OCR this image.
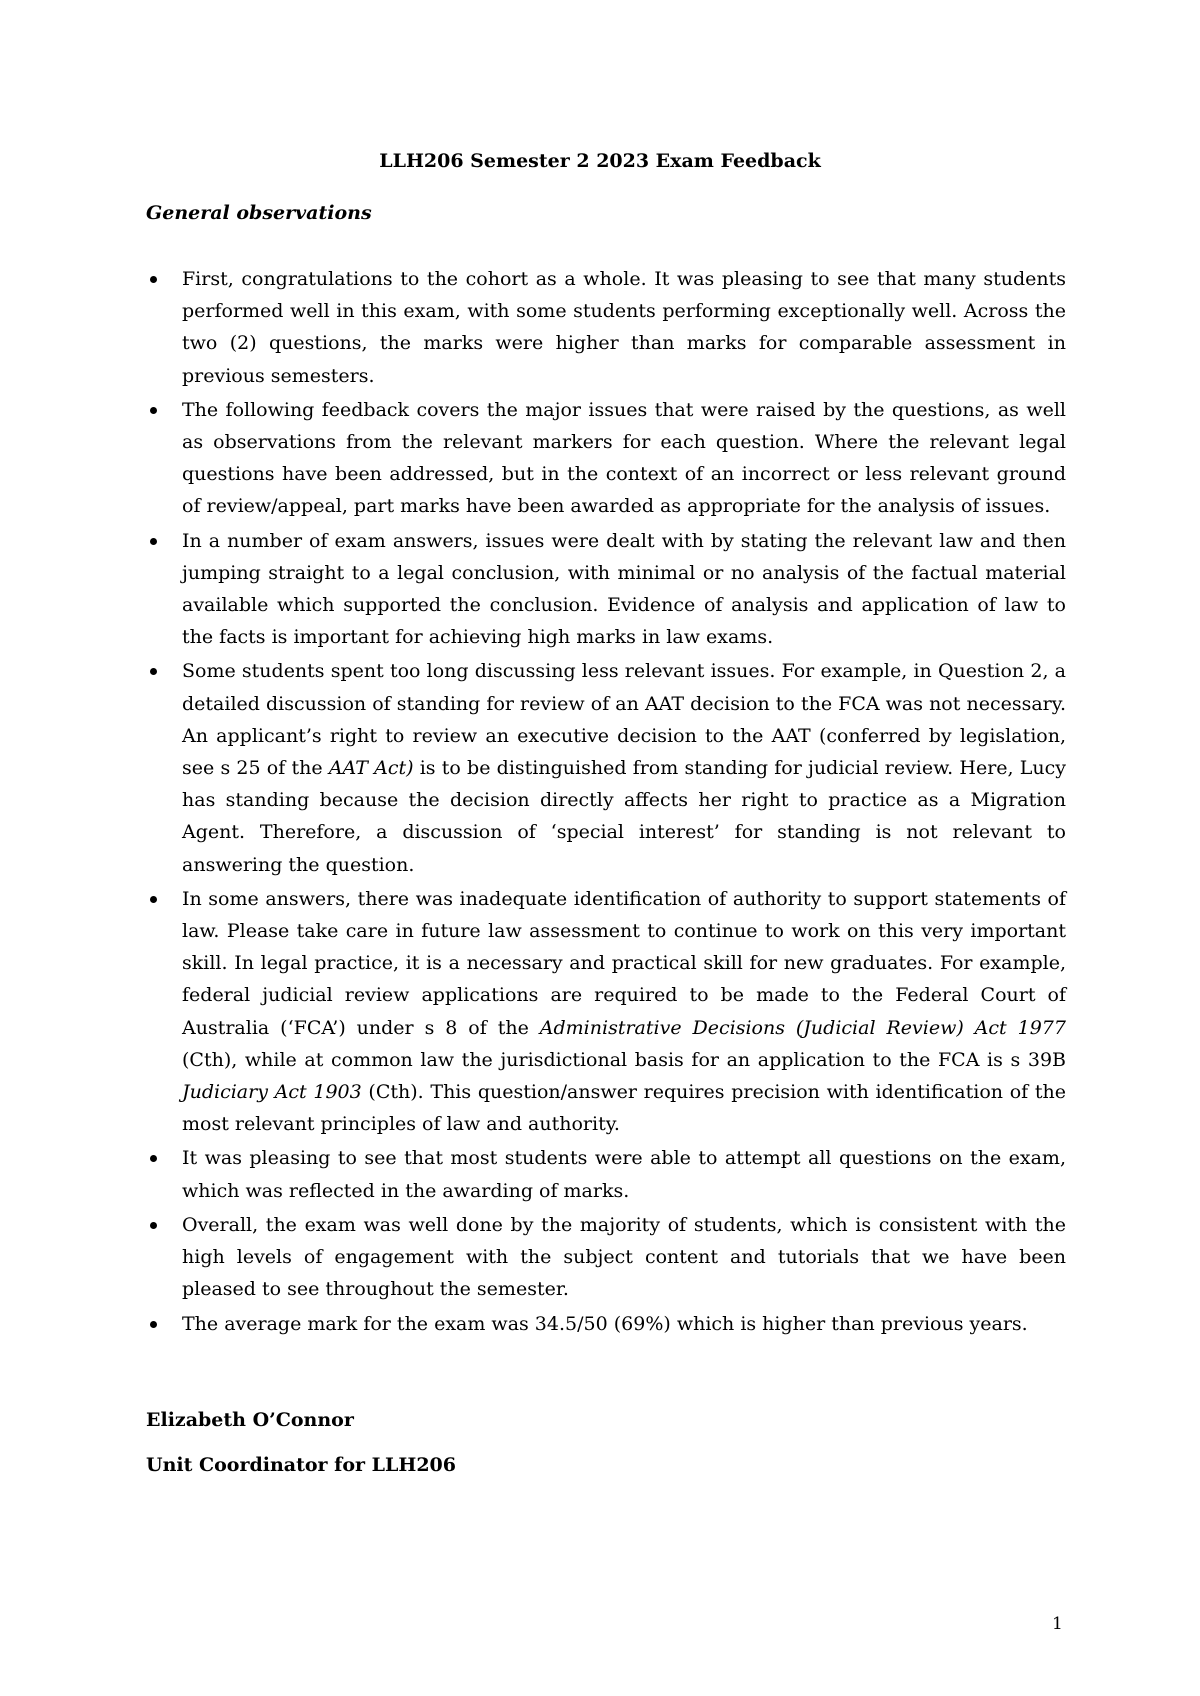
LLH206 Semester 2 2023 Exam Feedback
General observations
First, congratulations to the cohort as a whole. It was pleasing to see that many students performed well in this exam, with some students performing exceptionally well. Across the two (2) questions, the marks were higher than marks for comparable assessment in previous semesters.
The following feedback covers the major issues that were raised by the questions, as well as observations from the relevant markers for each question. Where the relevant legal questions have been addressed, but in the context of an incorrect or less relevant ground of review/appeal, part marks have been awarded as appropriate for the analysis of issues.
In a number of exam answers, issues were dealt with by stating the relevant law and then jumping straight to a legal conclusion, with minimal or no analysis of the factual material available which supported the conclusion. Evidence of analysis and application of law to the facts is important for achieving high marks in law exams.
Some students spent too long discussing less relevant issues. For example, in Question 2, a detailed discussion of standing for review of an AAT decision to the FCA was not necessary. An applicant’s right to review an executive decision to the AAT (conferred by legislation, see s 25 of the AAT Act) is to be distinguished from standing for judicial review. Here, Lucy has standing because the decision directly affects her right to practice as a Migration Agent. Therefore, a discussion of ‘special interest’ for standing is not relevant to answering the question.
In some answers, there was inadequate identification of authority to support statements of law. Please take care in future law assessment to continue to work on this very important skill. In legal practice, it is a necessary and practical skill for new graduates. For example, federal judicial review applications are required to be made to the Federal Court of Australia (‘FCA’) under s 8 of the Administrative Decisions (Judicial Review) Act 1977 (Cth), while at common law the jurisdictional basis for an application to the FCA is s 39B Judiciary Act 1903 (Cth). This question/answer requires precision with identification of the most relevant principles of law and authority.
It was pleasing to see that most students were able to attempt all questions on the exam, which was reflected in the awarding of marks.
Overall, the exam was well done by the majority of students, which is consistent with the high levels of engagement with the subject content and tutorials that we have been pleased to see throughout the semester.
The average mark for the exam was 34.5/50 (69%) which is higher than previous years.

Elizabeth O’Connor

Unit Coordinator for LLH206

1
